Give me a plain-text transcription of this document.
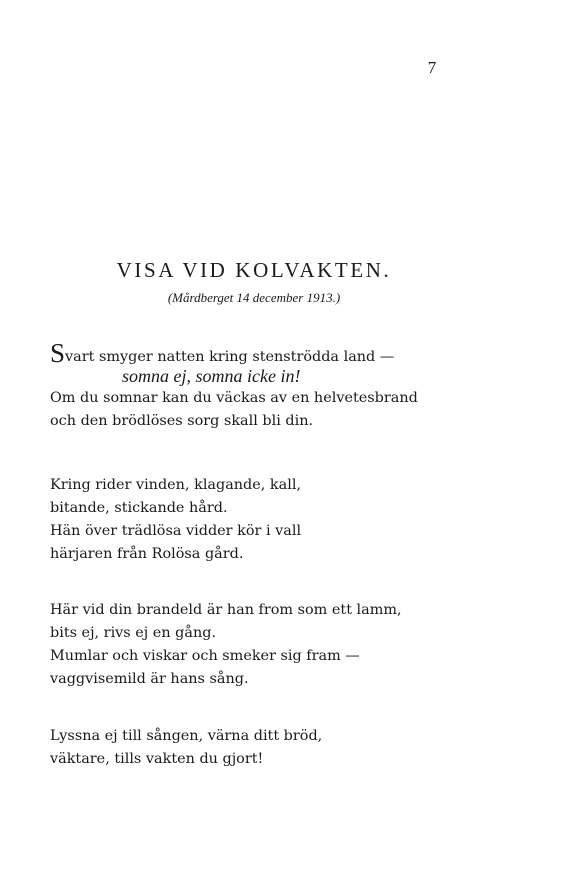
7
VISA VID KOLVAKTEN.
(Mårdberget 14 december 1913.)
Svart smyger natten kring stenströdda land —
somna ej, somna icke in!
Om du somnar kan du väckas av en helvetesbrand
och den brödlöses sorg skall bli din.
Kring rider vinden, klagande, kall,
bitande, stickande hård.
Hän över trädlösa vidder kör i vall
härjaren från Rolösa gård.
Här vid din brandeld är han from som ett lamm,
bits ej, rivs ej en gång.
Mumlar och viskar och smeker sig fram —
vaggvisemild är hans sång.
Lyssna ej till sången, värna ditt bröd,
väktare, tills vakten du gjort!
